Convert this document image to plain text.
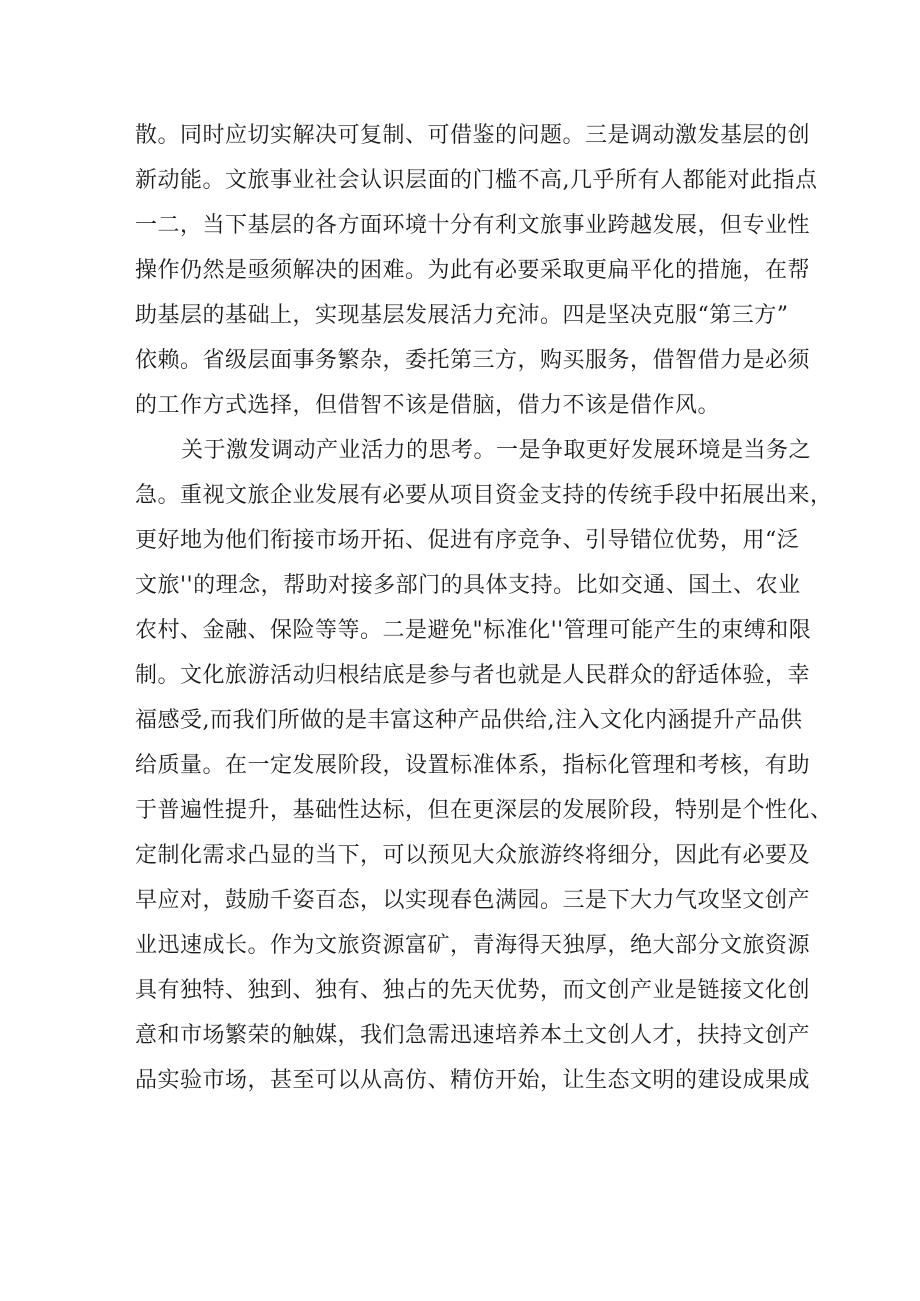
散。同时应切实解决可复制、可借鉴的问题。三是调动激发基层的创
新动能。文旅事业社会认识层面的门槛不高,几乎所有人都能对此指点
一二，当下基层的各方面环境十分有利文旅事业跨越发展，但专业性
操作仍然是亟须解决的困难。为此有必要采取更扁平化的措施，在帮
助基层的基础上，实现基层发展活力充沛。四是坚决克服“第三方”
依赖。省级层面事务繁杂，委托第三方，购买服务，借智借力是必须
的工作方式选择，但借智不该是借脑，借力不该是借作风。
关于激发调动产业活力的思考。一是争取更好发展环境是当务之
急。重视文旅企业发展有必要从项目资金支持的传统手段中拓展出来，
更好地为他们衔接市场开拓、促进有序竞争、引导错位优势，用“泛
文旅''的理念，帮助对接多部门的具体支持。比如交通、国土、农业
农村、金融、保险等等。二是避免"标准化''管理可能产生的束缚和限
制。文化旅游活动归根结底是参与者也就是人民群众的舒适体验，幸
福感受,而我们所做的是丰富这种产品供给,注入文化内涵提升产品供
给质量。在一定发展阶段，设置标准体系，指标化管理和考核，有助
于普遍性提升，基础性达标，但在更深层的发展阶段，特别是个性化、
定制化需求凸显的当下，可以预见大众旅游终将细分，因此有必要及
早应对，鼓励千姿百态，以实现春色满园。三是下大力气攻坚文创产
业迅速成长。作为文旅资源富矿，青海得天独厚，绝大部分文旅资源
具有独特、独到、独有、独占的先天优势，而文创产业是链接文化创
意和市场繁荣的触媒，我们急需迅速培养本土文创人才，扶持文创产
品实验市场，甚至可以从高仿、精仿开始，让生态文明的建设成果成
